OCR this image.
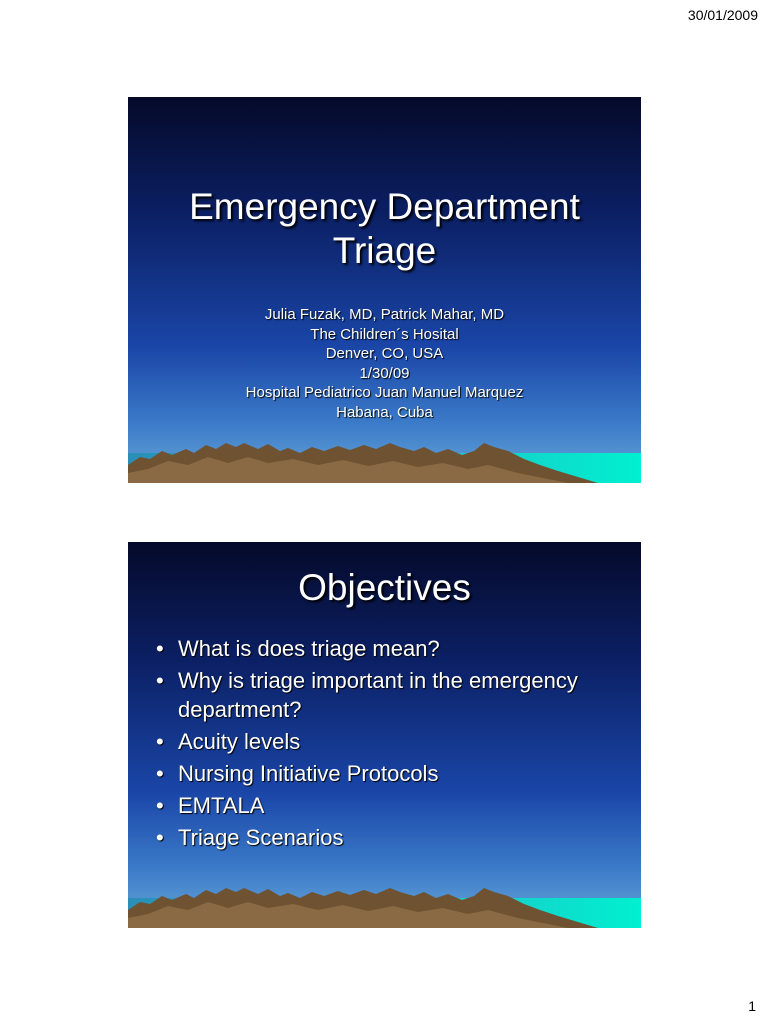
30/01/2009
Emergency Department
Triage
Julia Fuzak, MD, Patrick Mahar, MD
The Children´s Hosital
Denver, CO, USA
1/30/09
Hospital Pediatrico Juan Manuel Marquez
Habana, Cuba
Objectives
• What is does triage mean?
• Why is triage important in the emergency department?
• Acuity levels
• Nursing Initiative Protocols
• EMTALA
• Triage Scenarios
1
